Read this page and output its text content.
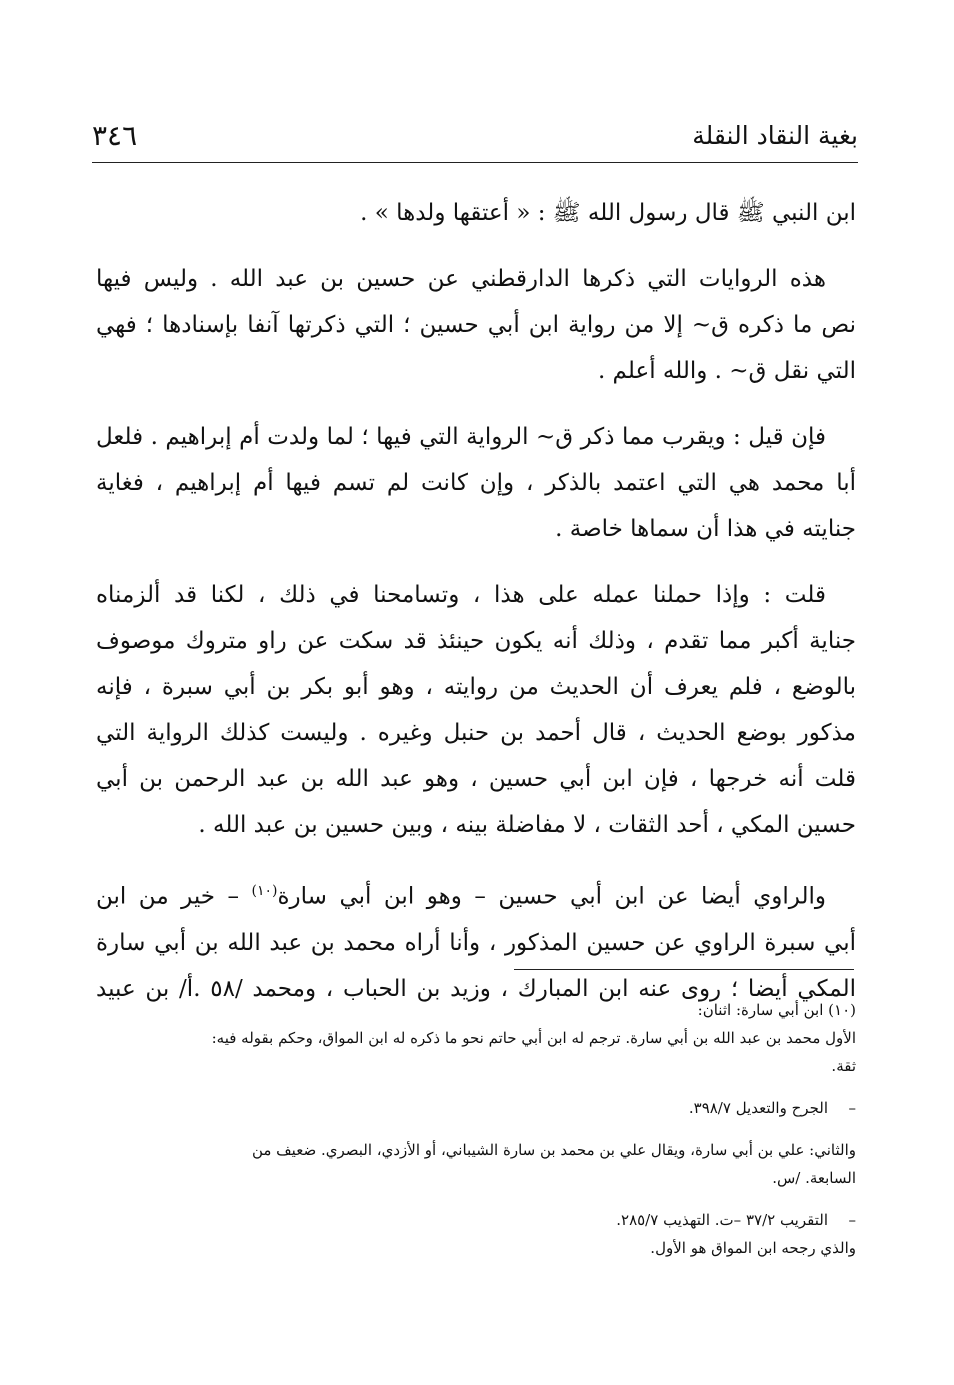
٣٤٦	بغية النقاد النقلة

ابن النبي ﷺ قال رسول الله ﷺ : « أعتقها ولدها » .

هذه الروايات التي ذكرها الدارقطني عن حسين بن عبد الله . وليس فيها
نص ما ذكره ق~ إلا من رواية ابن أبي حسين ؛ التي ذكرتها آنفا بإسنادها ؛ فهي
التي نقل ق~ . والله أعلم .

فإن قيل : ويقرب مما ذكر ق~ الرواية التي فيها ؛ لما ولدت أم إبراهيم . فلعل
أبا محمد هي التي اعتمد بالذكر ، وإن كانت لم تسم فيها أم إبراهيم ، فغاية
جنايته في هذا أن سماها خاصة .

قلت : وإذا حملنا عمله على هذا ، وتسامحنا في ذلك ، لكنا قد ألزمناه
جناية أكبر مما تقدم ، وذلك أنه يكون حينئذ قد سكت عن راو متروك موصوف
بالوضع ، فلم يعرف أن الحديث من روايته ، وهو أبو بكر بن أبي سبرة ، فإنه
مذكور بوضع الحديث ، قال أحمد بن حنبل وغيره . وليست كذلك الرواية التي
قلت أنه خرجها ، فإن ابن أبي حسين ، وهو عبد الله بن عبد الرحمن بن أبي
حسين المكي ، أحد الثقات ، لا مفاضلة بينه ، وبين حسين بن عبد الله .

والراوي أيضا عن ابن أبي حسين – وهو ابن أبي سارة$^{(١٠)}$ – خير من ابن
أبي سبرة الراوي عن حسين المذكور ، وأنا أراه محمد بن عبد الله بن أبي سارة
المكي أيضا ؛ روى عنه ابن المبارك ، وزيد بن الحباب ، ومحمد /٥٨ .أ/ بن عبيد

(١٠) ابن أبي سارة: اثنان:
الأول محمد بن عبد الله بن أبي سارة. ترجم له ابن أبي حاتم نحو ما ذكره له ابن المواق، وحكم بقوله فيه:
ثقة.
–الجرح والتعديل ٣٩٨/٧.
والثاني: علي بن أبي سارة، ويقال علي بن محمد بن سارة الشيباني، أو الأزدي، البصري. ضعيف من
السابعة. /س.
–التقريب ٣٧/٢ –ت. التهذيب ٢٨٥/٧.
والذي رجحه ابن المواق هو الأول.
